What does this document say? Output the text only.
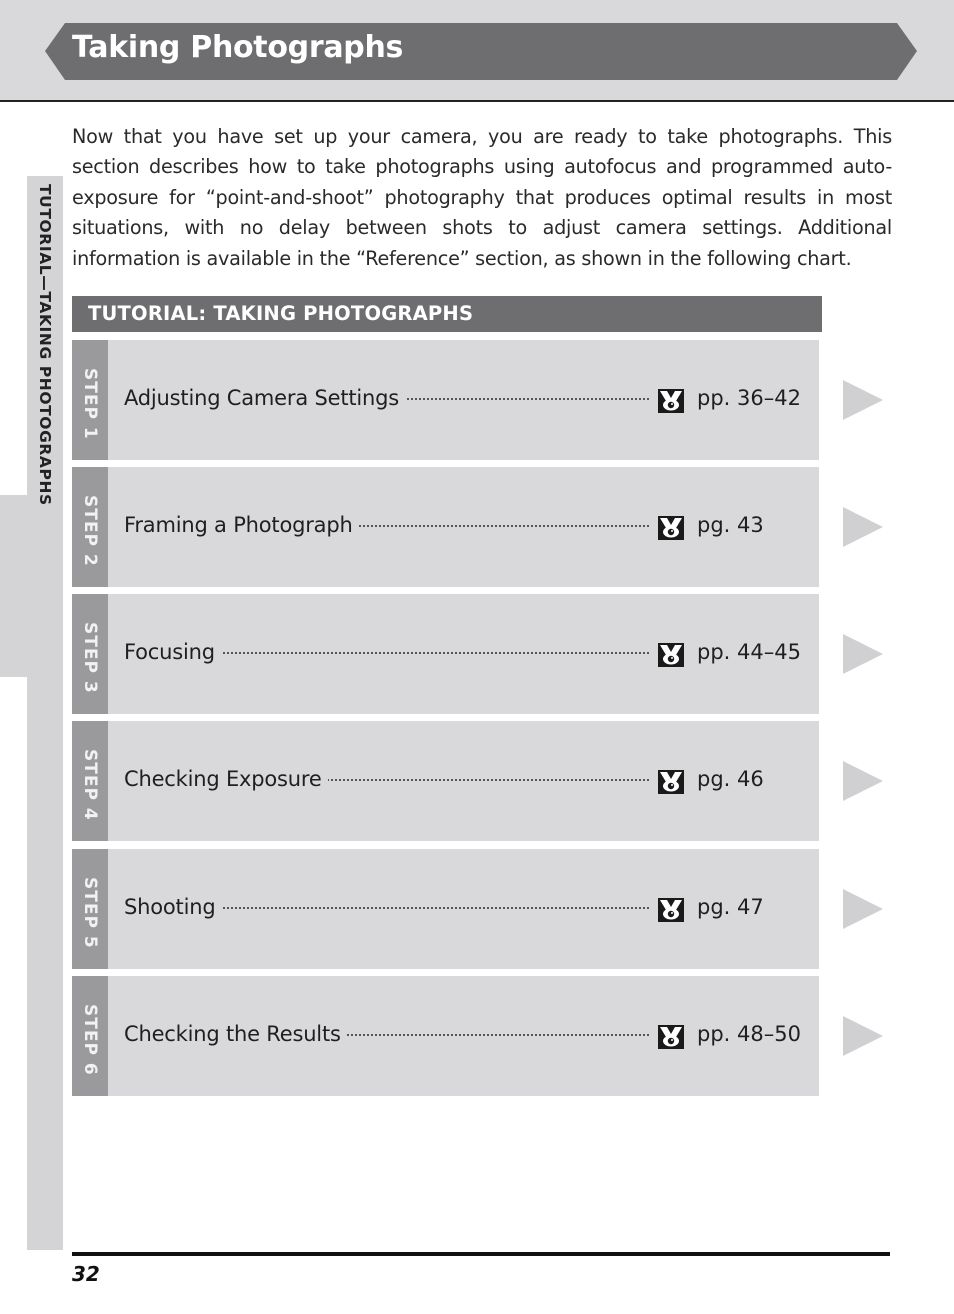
Taking Photographs
TUTORIAL—TAKING PHOTOGRAPHS
Now that you have set up your camera, you are ready to take photographs. This section describes how to take photographs using autofocus and programmed auto-exposure for “point-and-shoot” photography that produces optimal results in most situations, with no delay between shots to adjust camera settings. Additional information is available in the “Reference” section, as shown in the following chart.
TUTORIAL: TAKING PHOTOGRAPHS
STEP 1 Adjusting Camera Settings	pp. 36–42
STEP 2 Framing a Photograph	pg. 43
STEP 3 Focusing	pp. 44–45
STEP 4 Checking Exposure	pg. 46
STEP 5 Shooting	pg. 47
STEP 6 Checking the Results	pp. 48–50
32
